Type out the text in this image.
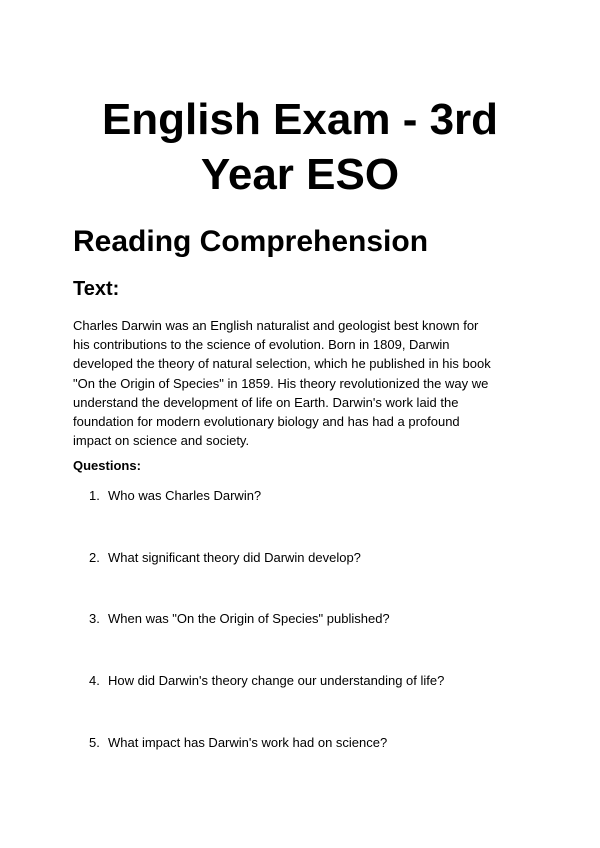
English Exam - 3rd Year ESO
Reading Comprehension
Text:

Charles Darwin was an English naturalist and geologist best known for
his contributions to the science of evolution. Born in 1809, Darwin
developed the theory of natural selection, which he published in his book
"On the Origin of Species" in 1859. His theory revolutionized the way we
understand the development of life on Earth. Darwin's work laid the
foundation for modern evolutionary biology and has had a profound
impact on science and society.

Questions:

1. Who was Charles Darwin?

2. What significant theory did Darwin develop?

3. When was "On the Origin of Species" published?

4. How did Darwin's theory change our understanding of life?

5. What impact has Darwin's work had on science?
